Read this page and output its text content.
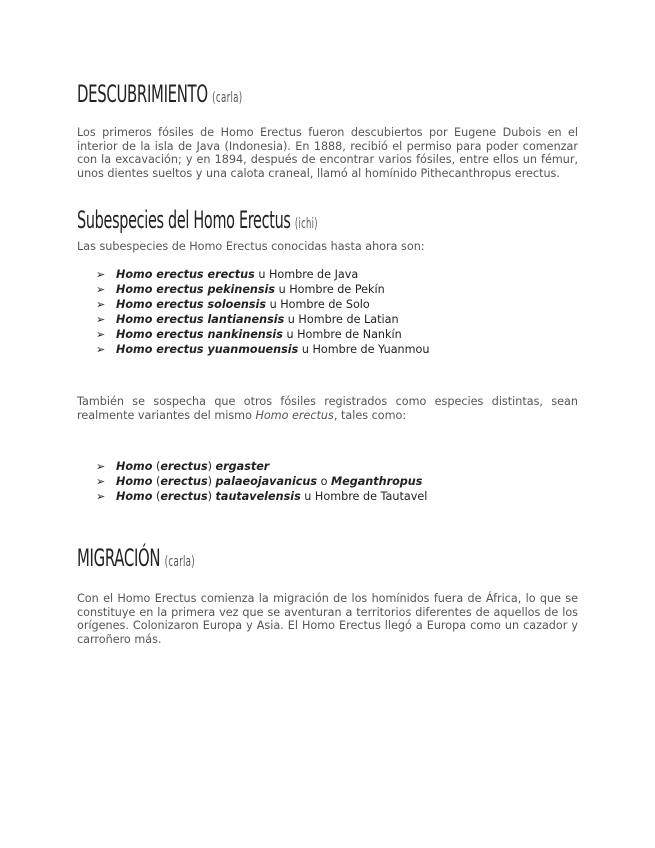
DESCUBRIMIENTO (carla)

Los primeros fósiles de Homo Erectus fueron descubiertos por Eugene Dubois en el interior de la isla de Java (Indonesia). En 1888, recibió el permiso para poder comenzar con la excavación; y en 1894, después de encontrar varios fósiles, entre ellos un fémur, unos dientes sueltos y una calota craneal, llamó al homínido Pithecanthropus erectus.

Subespecies del Homo Erectus (ichi)

Las subespecies de Homo Erectus conocidas hasta ahora son:

➢ Homo erectus erectus u Hombre de Java
➢ Homo erectus pekinensis u Hombre de Pekín
➢ Homo erectus soloensis u Hombre de Solo
➢ Homo erectus lantianensis u Hombre de Latian
➢ Homo erectus nankinensis u Hombre de Nankín
➢ Homo erectus yuanmouensis u Hombre de Yuanmou

También se sospecha que otros fósiles registrados como especies distintas, sean realmente variantes del mismo Homo erectus, tales como:

➢ Homo (erectus) ergaster
➢ Homo (erectus) palaeojavanicus o Meganthropus
➢ Homo (erectus) tautavelensis u Hombre de Tautavel
MIGRACIÓN (carla)

Con el Homo Erectus comienza la migración de los homínidos fuera de África, lo que se constituye en la primera vez que se aventuran a territorios diferentes de aquellos de los orígenes. Colonizaron Europa y Asia. El Homo Erectus llegó a Europa como un cazador y carroñero más.
